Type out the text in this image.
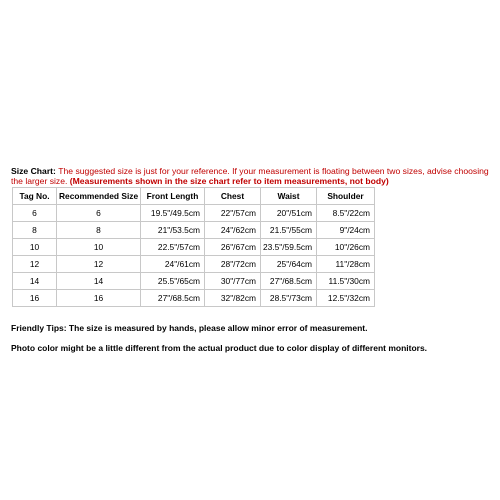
Size Chart: The suggested size is just for your reference. If your measurement is floating between two sizes, advise choosing the larger size. (Measurements shown in the size chart refer to item measurements, not body)
Tag No.	Recommended Size	Front Length	Chest	Waist	Shoulder
6	6	19.5"/49.5cm	22"/57cm	20"/51cm	8.5"/22cm
8	8	21"/53.5cm	24"/62cm	21.5"/55cm	9"/24cm
10	10	22.5"/57cm	26"/67cm	23.5"/59.5cm	10"/26cm
12	12	24"/61cm	28"/72cm	25"/64cm	11"/28cm
14	14	25.5"/65cm	30"/77cm	27"/68.5cm	11.5"/30cm
16	16	27"/68.5cm	32"/82cm	28.5"/73cm	12.5"/32cm
Friendly Tips: The size is measured by hands, please allow minor error of measurement.
Photo color might be a little different from the actual product due to color display of different monitors.
